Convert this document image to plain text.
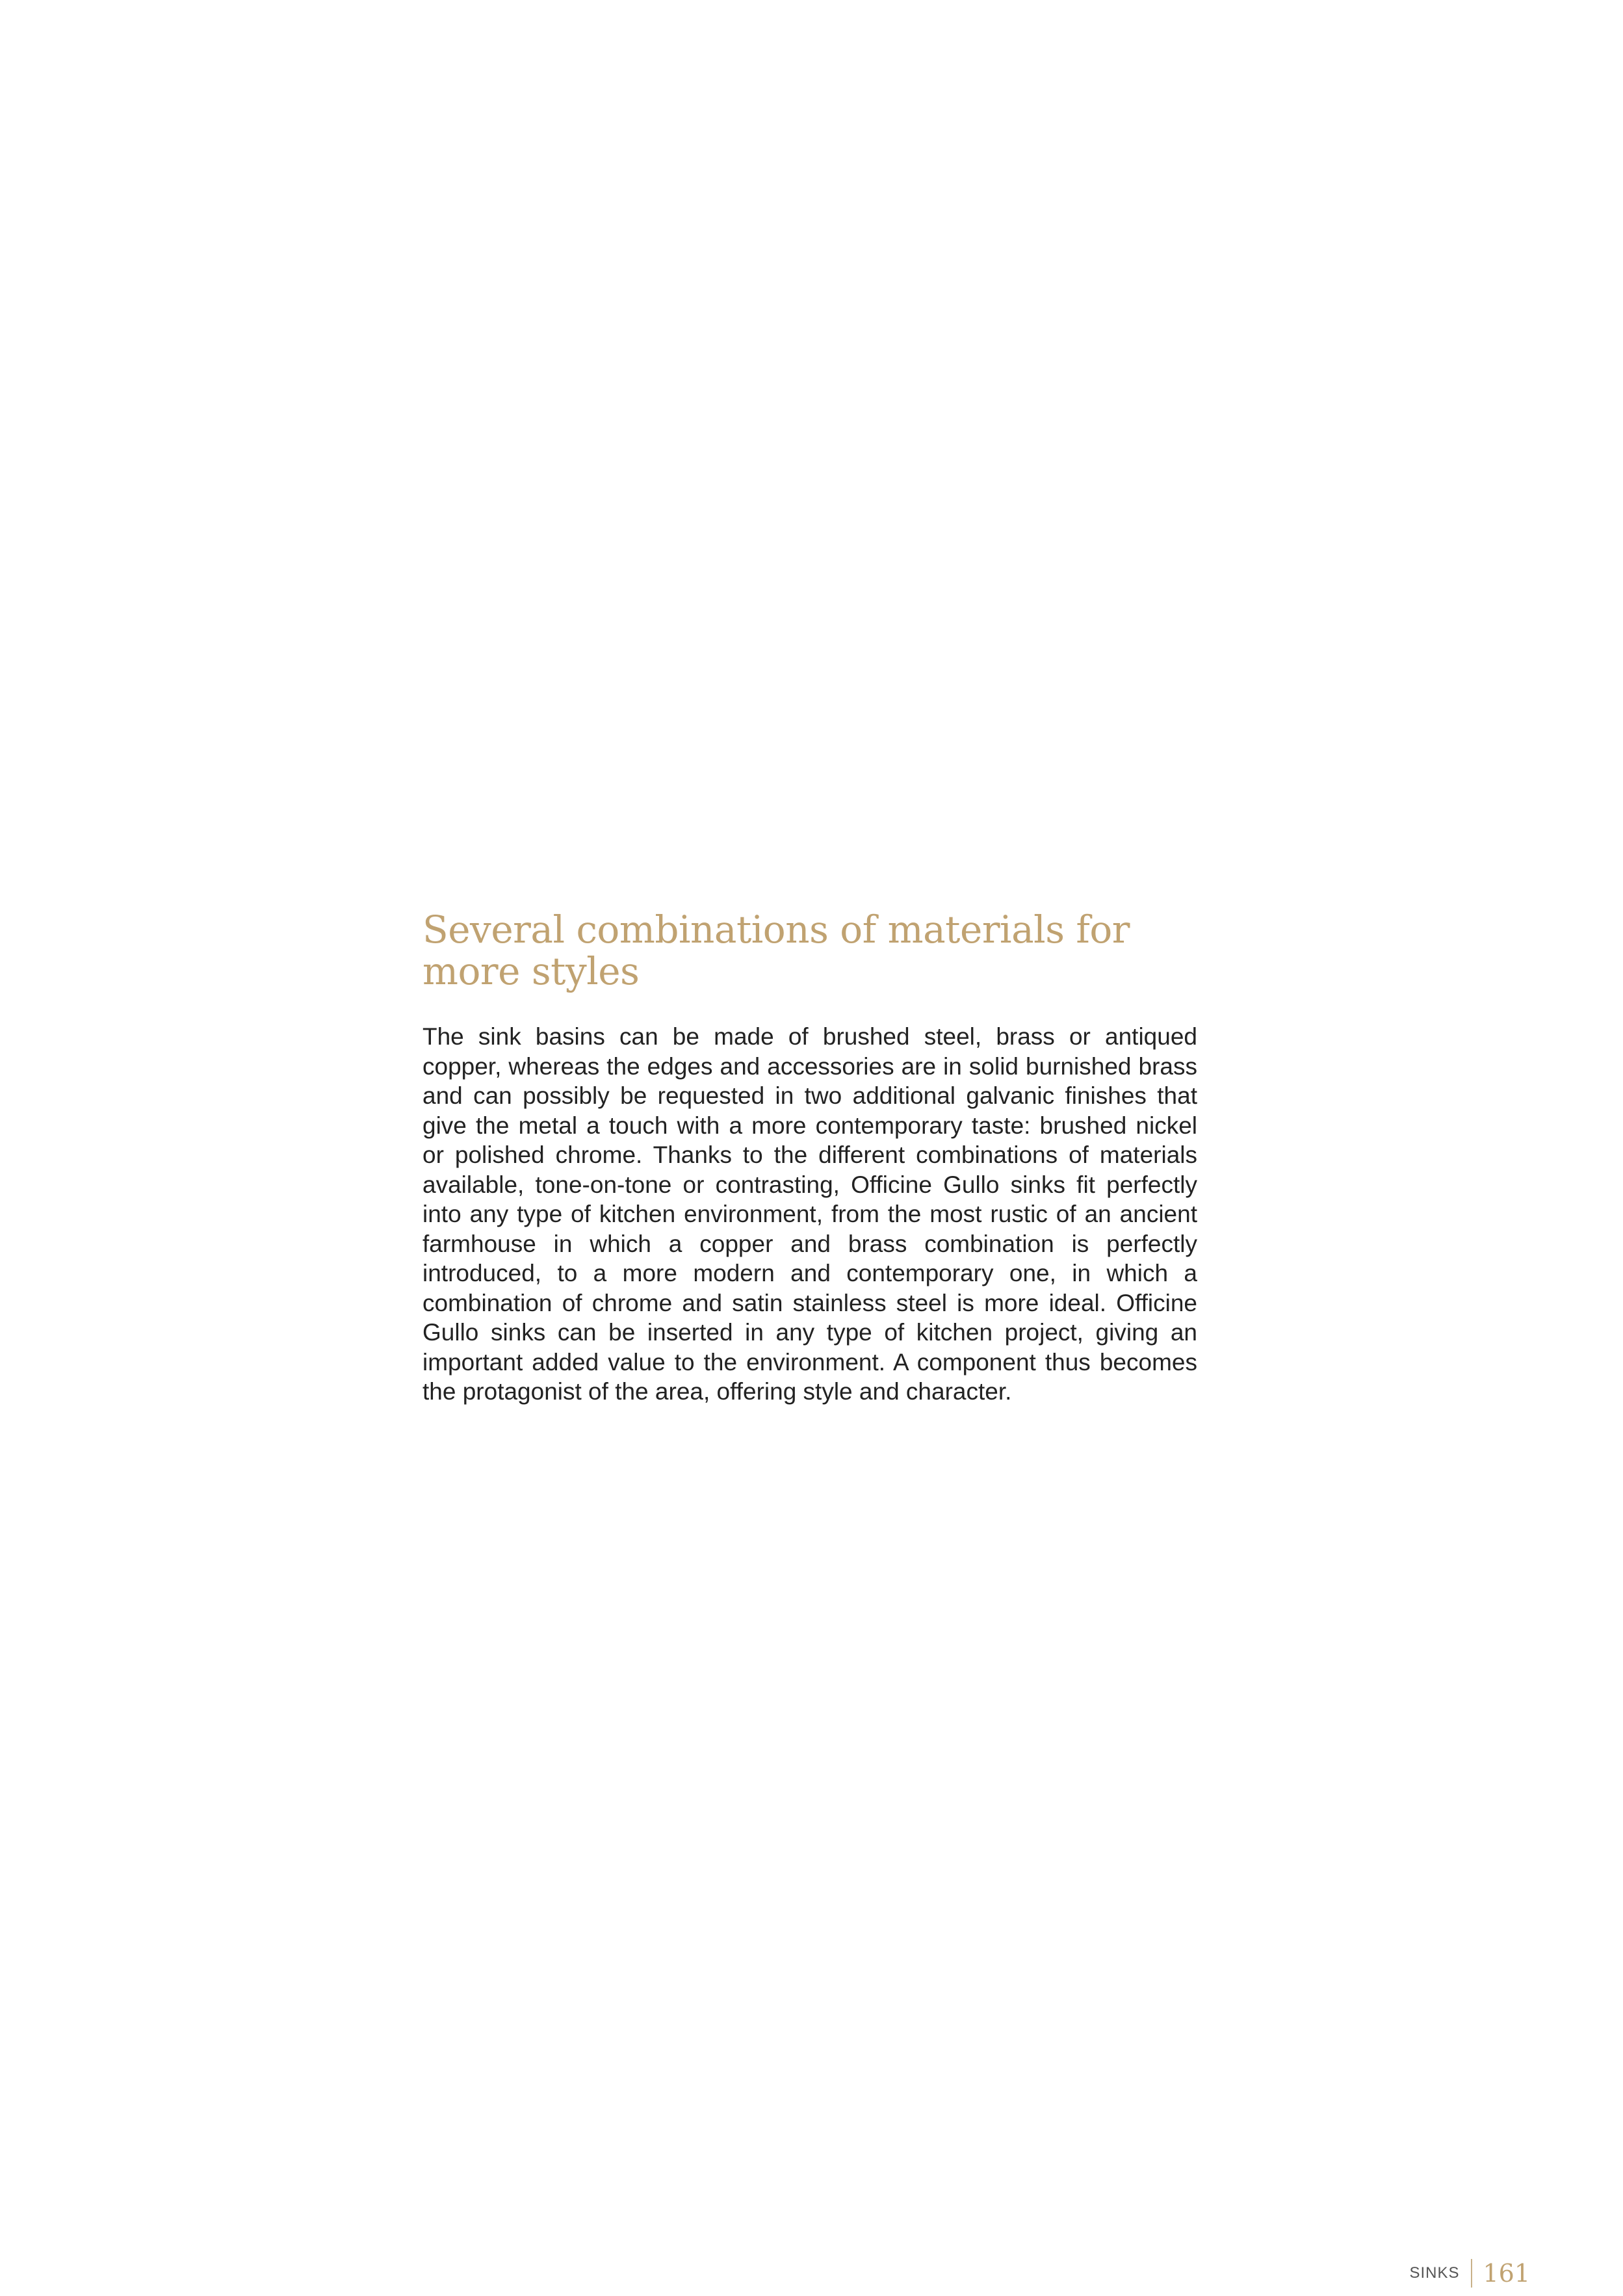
Several combinations of materials for more styles

The sink basins can be made of brushed steel, brass or antiqued copper, whereas the edges and accessories are in solid burnished brass and can possibly be requested in two additional galvanic finishes that give the metal a touch with a more contemporary taste: brushed nickel or polished chrome. Thanks to the different combinations of materials available, tone-on-tone or contrasting, Officine Gullo sinks fit perfectly into any type of kitchen environment, from the most rustic of an ancient farmhouse in which a copper and brass combination is perfectly introduced, to a more modern and contemporary one, in which a combination of chrome and satin stainless steel is more ideal. Officine Gullo sinks can be inserted in any type of kitchen project, giving an important added value to the environment. A component thus becomes the protagonist of the area, offering style and character.

SINKS 161
